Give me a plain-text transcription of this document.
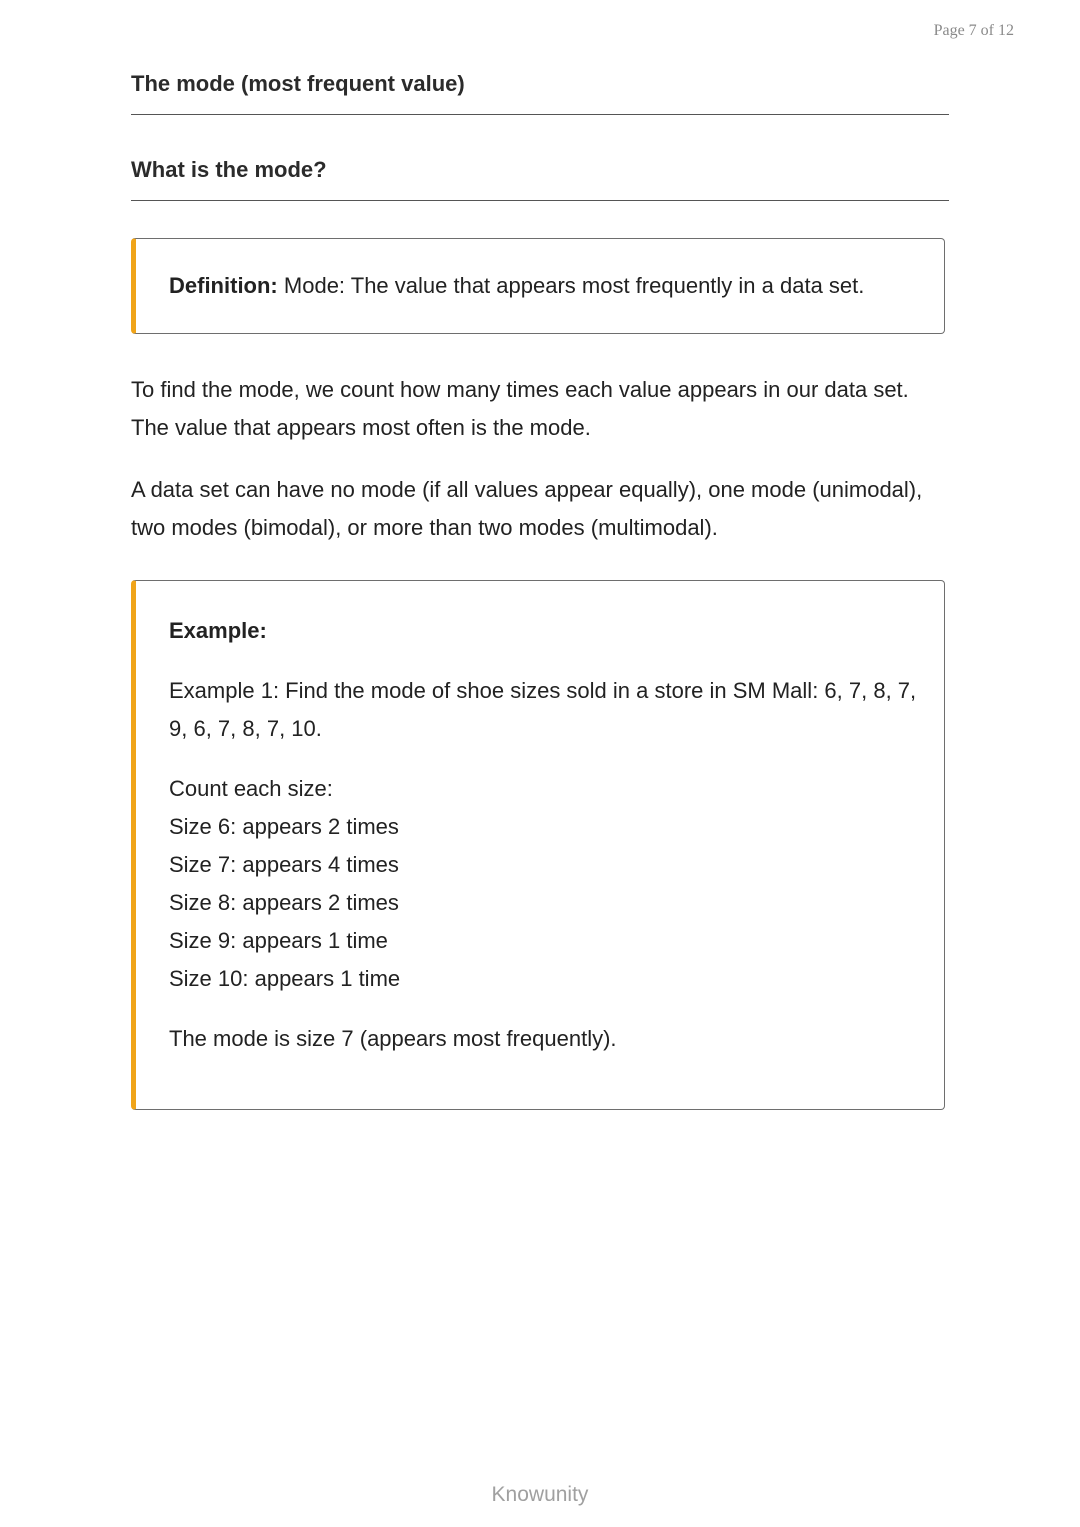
Page 7 of 12
The mode (most frequent value)
What is the mode?
Definition: Mode: The value that appears most frequently in a data set.

To find the mode, we count how many times each value appears in our data set. The value that appears most often is the mode.

A data set can have no mode (if all values appear equally), one mode (unimodal), two modes (bimodal), or more than two modes (multimodal).

Example:

Example 1: Find the mode of shoe sizes sold in a store in SM Mall: 6, 7, 8, 7, 9, 6, 7, 8, 7, 10.

Count each size:

Size 6: appears 2 times

Size 7: appears 4 times

Size 8: appears 2 times

Size 9: appears 1 time

Size 10: appears 1 time

The mode is size 7 (appears most frequently).

Knowunity
